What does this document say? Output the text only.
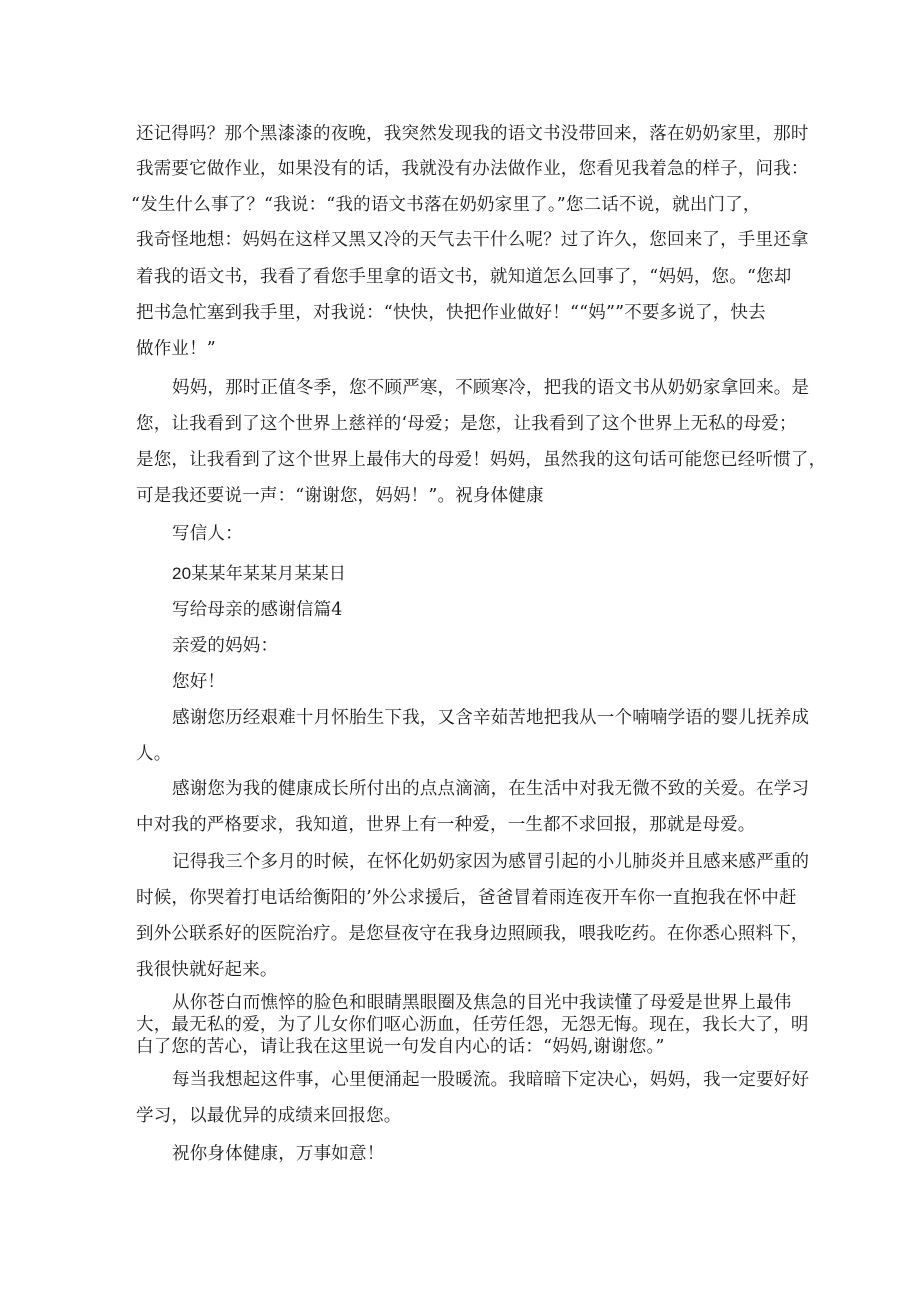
还记得吗？那个黑漆漆的夜晚，我突然发现我的语文书没带回来，落在奶奶家里，那时

我需要它做作业，如果没有的话，我就没有办法做作业，您看见我着急的样子，问我：

“发生什么事了？“我说：“我的语文书落在奶奶家里了。”您二话不说，就出门了，

我奇怪地想：妈妈在这样又黑又冷的天气去干什么呢？过了许久，您回来了，手里还拿

着我的语文书，我看了看您手里拿的语文书，就知道怎么回事了，“妈妈，您。“您却

把书急忙塞到我手里，对我说：“快快，快把作业做好！““妈””不要多说了，快去

做作业！”

妈妈，那时正值冬季，您不顾严寒，不顾寒冷，把我的语文书从奶奶家拿回来。是

您，让我看到了这个世界上慈祥的‘母爱；是您，让我看到了这个世界上无私的母爱；

是您，让我看到了这个世界上最伟大的母爱！妈妈，虽然我的这句话可能您已经听惯了，

可是我还要说一声：“谢谢您，妈妈！”。祝身体健康

写信人：

20某某年某某月某某日

写给母亲的感谢信篇4

亲爱的妈妈：

您好！

感谢您历经艰难十月怀胎生下我，又含辛茹苦地把我从一个喃喃学语的婴儿抚养成

人。

感谢您为我的健康成长所付出的点点滴滴，在生活中对我无微不致的关爱。在学习

中对我的严格要求，我知道，世界上有一种爱，一生都不求回报，那就是母爱。

记得我三个多月的时候，在怀化奶奶家因为感冒引起的小儿肺炎并且感来感严重的

时候，你哭着打电话给衡阳的’外公求援后，爸爸冒着雨连夜开车你一直抱我在怀中赶

到外公联系好的医院治疗。是您昼夜守在我身边照顾我，喂我吃药。在你悉心照料下，

我很快就好起来。

从你苍白而憔悴的脸色和眼睛黑眼圈及焦急的目光中我读懂了母爱是世界上最伟

大，最无私的爱，为了儿女你们呕心沥血，任劳任怨，无怨无悔。现在，我长大了，明

白了您的苦心，请让我在这里说一句发自内心的话：“妈妈,谢谢您。”

每当我想起这件事，心里便涌起一股暖流。我暗暗下定决心，妈妈，我一定要好好

学习，以最优异的成绩来回报您。

祝你身体健康，万事如意！
